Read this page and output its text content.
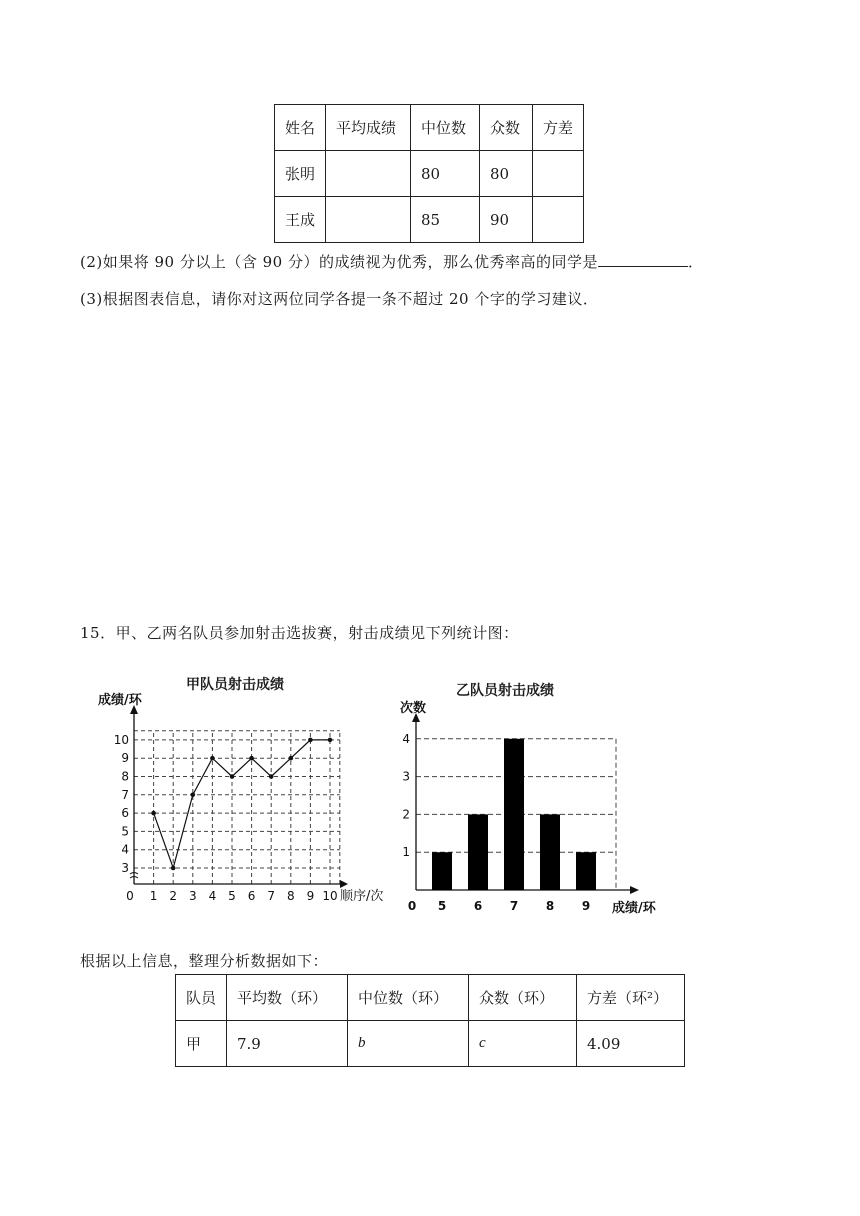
姓名	平均成绩	中位数	众数	方差
张明		80	80	
王成		85	90	
(2)如果将 90 分以上（含 90 分）的成绩视为优秀，那么优秀率高的同学是	．
(3)根据图表信息，请你对这两位同学各提一条不超过 20 个字的学习建议．
15．甲、乙两名队员参加射击选拔赛，射击成绩见下列统计图：
甲队员射击成绩
3
4
5
6
7
8
9
10
0 1 2 3 4 5 6 7 8 9 10
成绩/环
顺序/次
乙队员射击成绩
1
2
3
4
5 6 7 8 9
0
次数
成绩/环
根据以上信息，整理分析数据如下：
队员	平均数（环）	中位数（环）	众数（环）	方差（环²）
甲	7.9	b	c	4.09
